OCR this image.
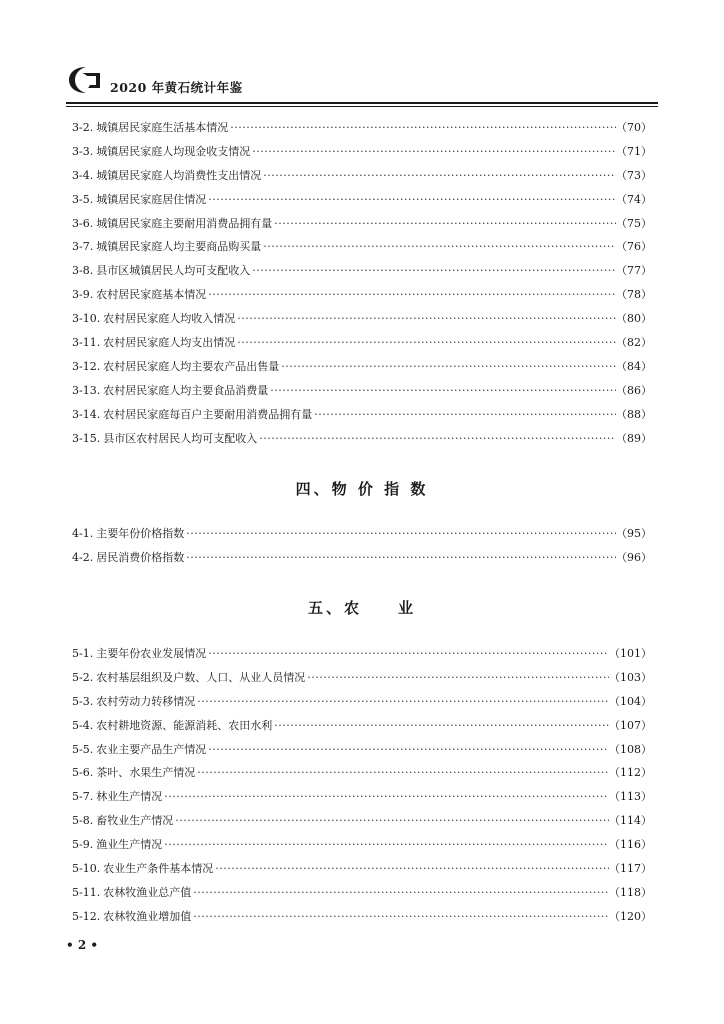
2020 年黄石统计年鉴
3-2. 城镇居民家庭生活基本情况 ·····	（70）
3-3. 城镇居民家庭人均现金收支情况 ·····	（71）
3-4. 城镇居民家庭人均消费性支出情况 ·····	（73）
3-5. 城镇居民家庭居住情况 ·····	（74）
3-6. 城镇居民家庭主要耐用消费品拥有量 ·····	（75）
3-7. 城镇居民家庭人均主要商品购买量 ·····	（76）
3-8. 县市区城镇居民人均可支配收入 ·····	（77）
3-9. 农村居民家庭基本情况 ·····	（78）
3-10. 农村居民家庭人均收入情况 ·····	（80）
3-11. 农村居民家庭人均支出情况 ·····	（82）
3-12. 农村居民家庭人均主要农产品出售量 ·····	（84）
3-13. 农村居民家庭人均主要食品消费量 ·····	（86）
3-14. 农村居民家庭每百户主要耐用消费品拥有量 ·····	（88）
3-15. 县市区农村居民人均可支配收入 ·····	（89）
四、物 价 指 数
4-1. 主要年份价格指数 ·····	（95）
4-2. 居民消费价格指数 ·····	（96）
五、农　　业
5-1. 主要年份农业发展情况 ·····	（101）
5-2. 农村基层组织及户数、人口、从业人员情况 ·····	（103）
5-3. 农村劳动力转移情况 ·····	（104）
5-4. 农村耕地资源、能源消耗、农田水利 ·····	（107）
5-5. 农业主要产品生产情况 ·····	（108）
5-6. 茶叶、水果生产情况 ·····	（112）
5-7. 林业生产情况 ·····	（113）
5-8. 畜牧业生产情况 ·····	（114）
5-9. 渔业生产情况 ·····	（116）
5-10. 农业生产条件基本情况 ·····	（117）
5-11. 农林牧渔业总产值 ·····	（118）
5-12. 农林牧渔业增加值 ·····	（120）
• 2 •
